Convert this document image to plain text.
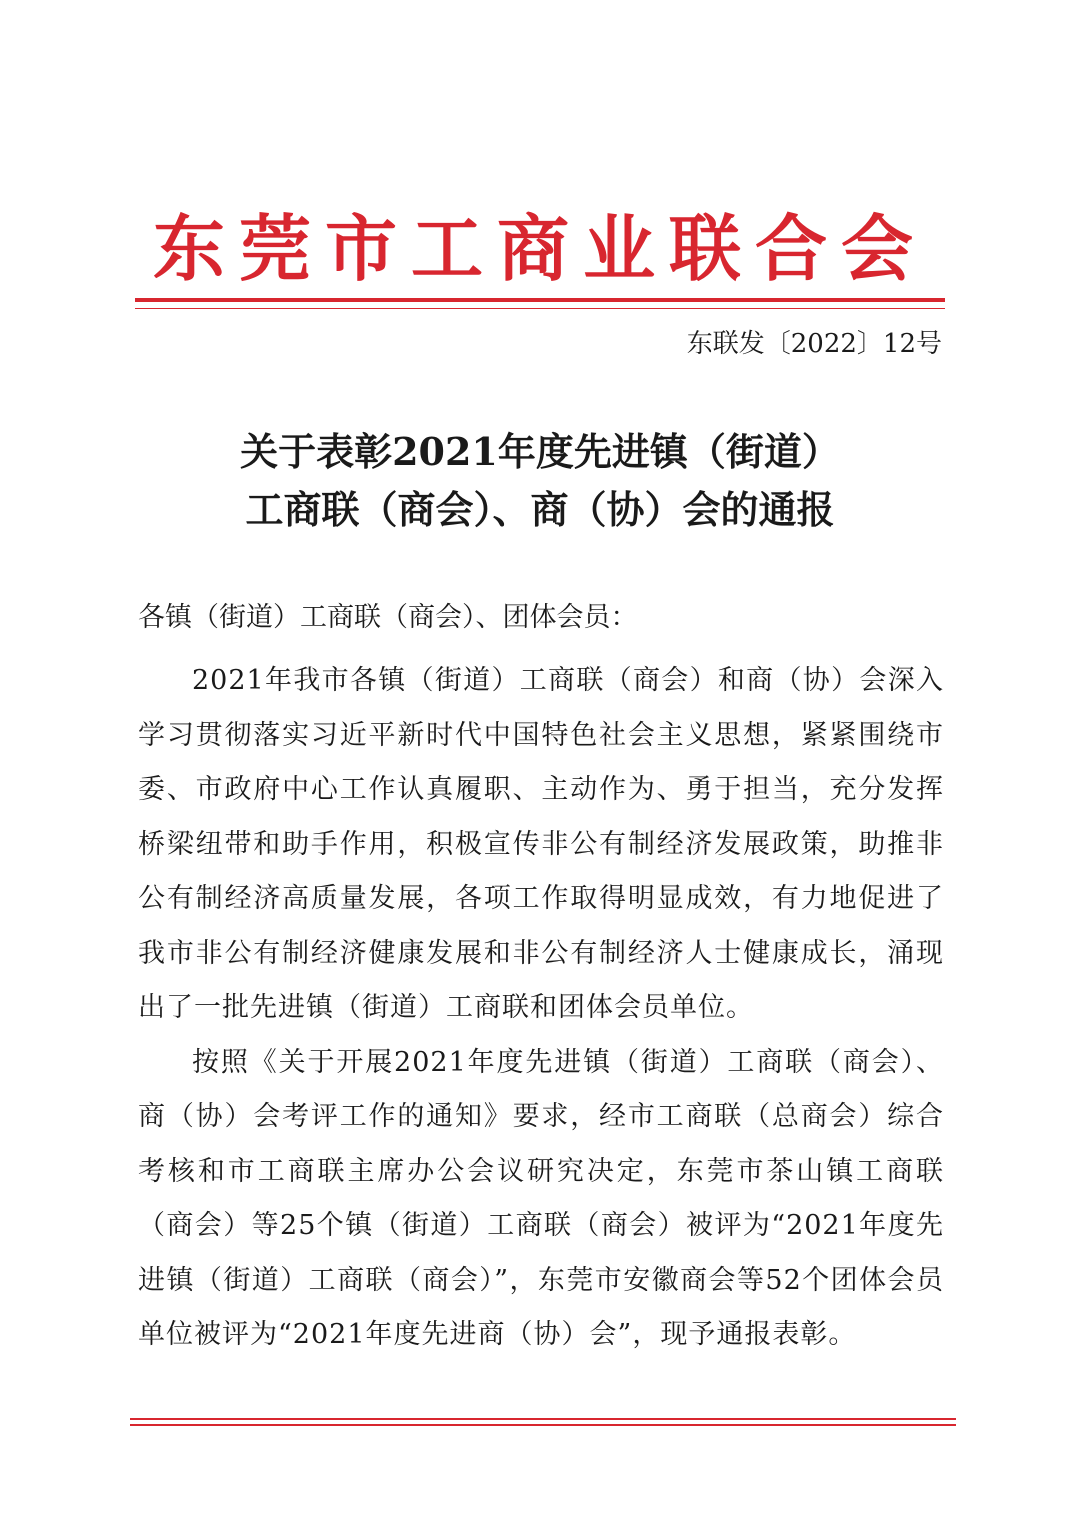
东莞市工商业联合会
东联发〔2022〕12号
关于表彰2021年度先进镇（街道）
工商联（商会）、商（协）会的通报
各镇（街道）工商联（商会）、团体会员：

2021年我市各镇（街道）工商联（商会）和商（协）会深入学习贯彻落实习近平新时代中国特色社会主义思想，紧紧围绕市委、市政府中心工作认真履职、主动作为、勇于担当，充分发挥桥梁纽带和助手作用，积极宣传非公有制经济发展政策，助推非公有制经济高质量发展，各项工作取得明显成效，有力地促进了我市非公有制经济健康发展和非公有制经济人士健康成长，涌现出了一批先进镇（街道）工商联和团体会员单位。

按照《关于开展2021年度先进镇（街道）工商联（商会）、商（协）会考评工作的通知》要求，经市工商联（总商会）综合考核和市工商联主席办公会议研究决定，东莞市茶山镇工商联（商会）等25个镇（街道）工商联（商会）被评为“2021年度先进镇（街道）工商联（商会）”，东莞市安徽商会等52个团体会员单位被评为“2021年度先进商（协）会”，现予通报表彰。
